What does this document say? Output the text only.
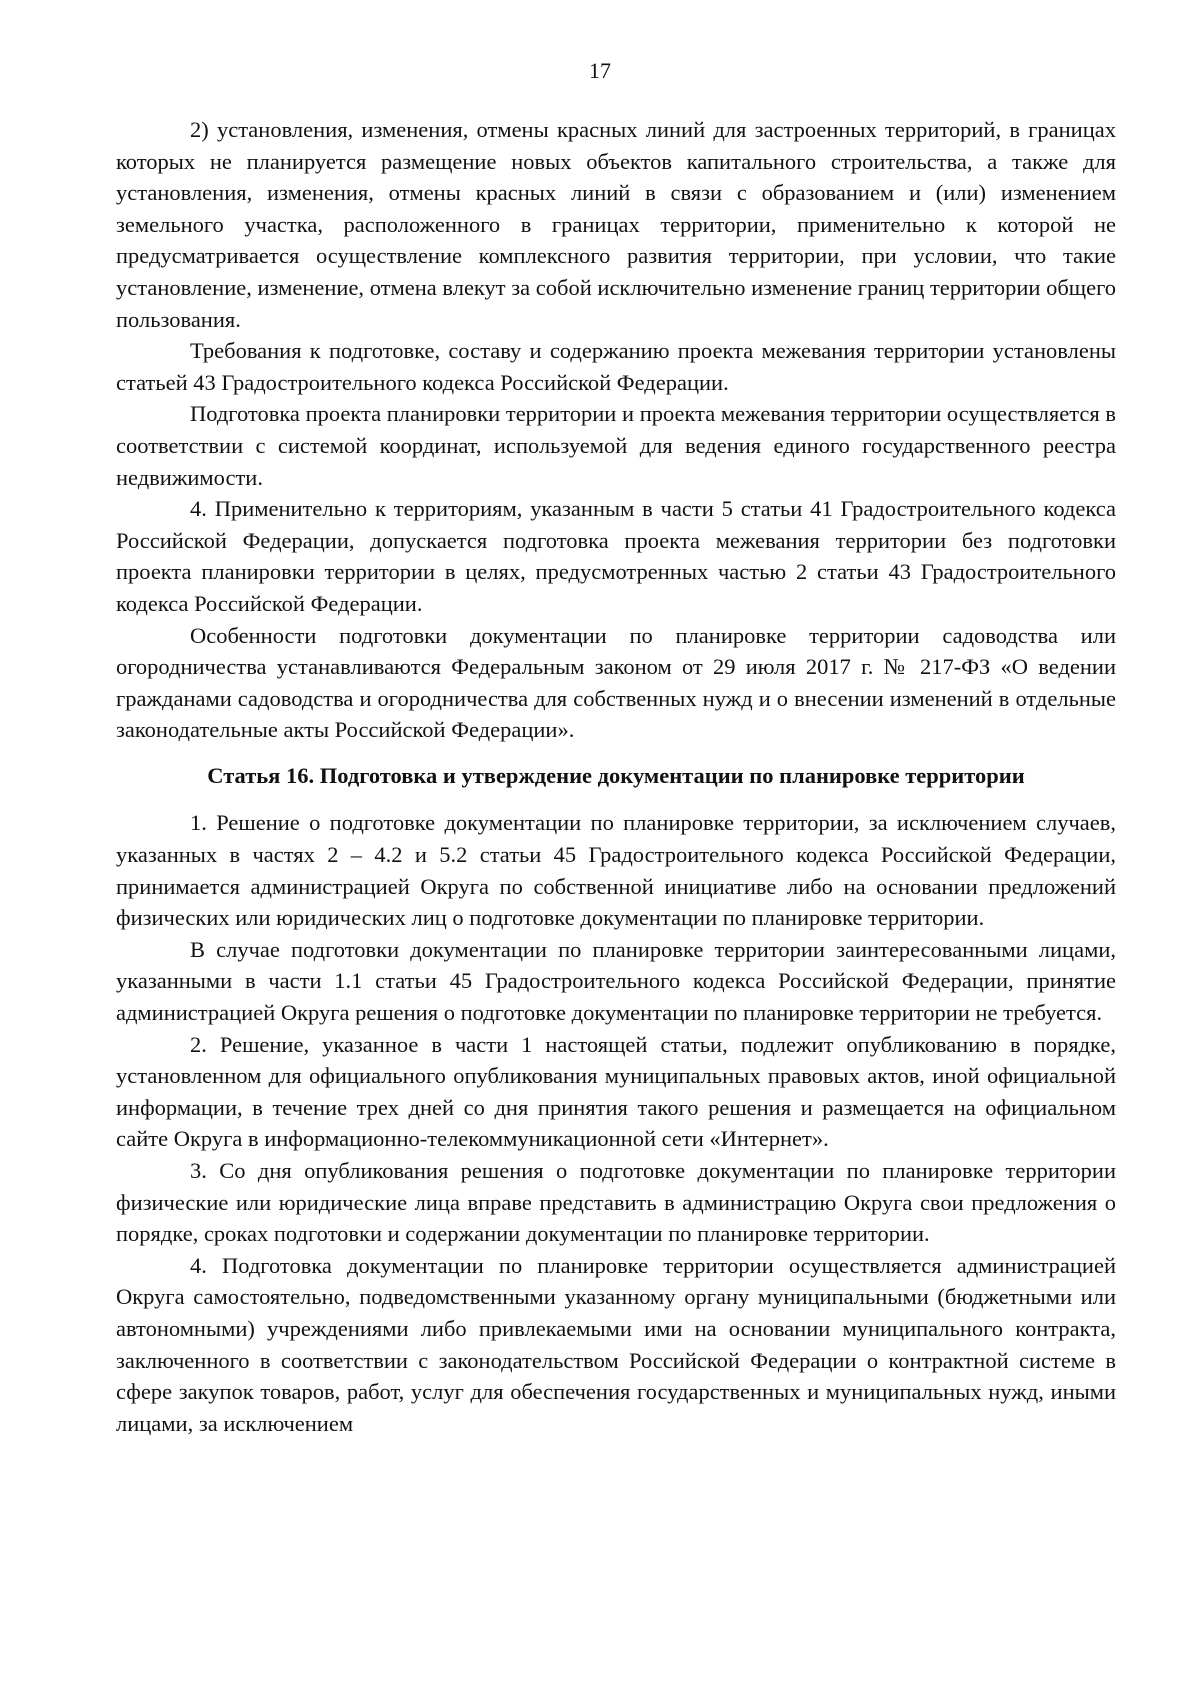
17

2) установления, изменения, отмены красных линий для застроенных территорий, в границах которых не планируется размещение новых объектов капитального строительства, а также для установления, изменения, отмены красных линий в связи с образованием и (или) изменением земельного участка, расположенного в границах территории, применительно к которой не предусматривается осуществление комплексного развития территории, при условии, что такие установление, изменение, отмена влекут за собой исключительно изменение границ территории общего пользования.

Требования к подготовке, составу и содержанию проекта межевания территории установлены статьей 43 Градостроительного кодекса Российской Федерации.

Подготовка проекта планировки территории и проекта межевания территории осуществляется в соответствии с системой координат, используемой для ведения единого государственного реестра недвижимости.

4. Применительно к территориям, указанным в части 5 статьи 41 Градостроительного кодекса Российской Федерации, допускается подготовка проекта межевания территории без подготовки проекта планировки территории в целях, предусмотренных частью 2 статьи 43 Градостроительного кодекса Российской Федерации.

Особенности подготовки документации по планировке территории садоводства или огородничества устанавливаются Федеральным законом от 29 июля 2017 г. № 217-ФЗ «О ведении гражданами садоводства и огородничества для собственных нужд и о внесении изменений в отдельные законодательные акты Российской Федерации».

Статья 16. Подготовка и утверждение документации по планировке территории

1. Решение о подготовке документации по планировке территории, за исключением случаев, указанных в частях 2 – 4.2 и 5.2 статьи 45 Градостроительного кодекса Российской Федерации, принимается администрацией Округа по собственной инициативе либо на основании предложений физических или юридических лиц о подготовке документации по планировке территории.

В случае подготовки документации по планировке территории заинтересованными лицами, указанными в части 1.1 статьи 45 Градостроительного кодекса Российской Федерации, принятие администрацией Округа решения о подготовке документации по планировке территории не требуется.

2. Решение, указанное в части 1 настоящей статьи, подлежит опубликованию в порядке, установленном для официального опубликования муниципальных правовых актов, иной официальной информации, в течение трех дней со дня принятия такого решения и размещается на официальном сайте Округа в информационно-телекоммуникационной сети «Интернет».

3. Со дня опубликования решения о подготовке документации по планировке территории физические или юридические лица вправе представить в администрацию Округа свои предложения о порядке, сроках подготовки и содержании документации по планировке территории.

4. Подготовка документации по планировке территории осуществляется администрацией Округа самостоятельно, подведомственными указанному органу муниципальными (бюджетными или автономными) учреждениями либо привлекаемыми ими на основании муниципального контракта, заключенного в соответствии с законодательством Российской Федерации о контрактной системе в сфере закупок товаров, работ, услуг для обеспечения государственных и муниципальных нужд, иными лицами, за исключением
